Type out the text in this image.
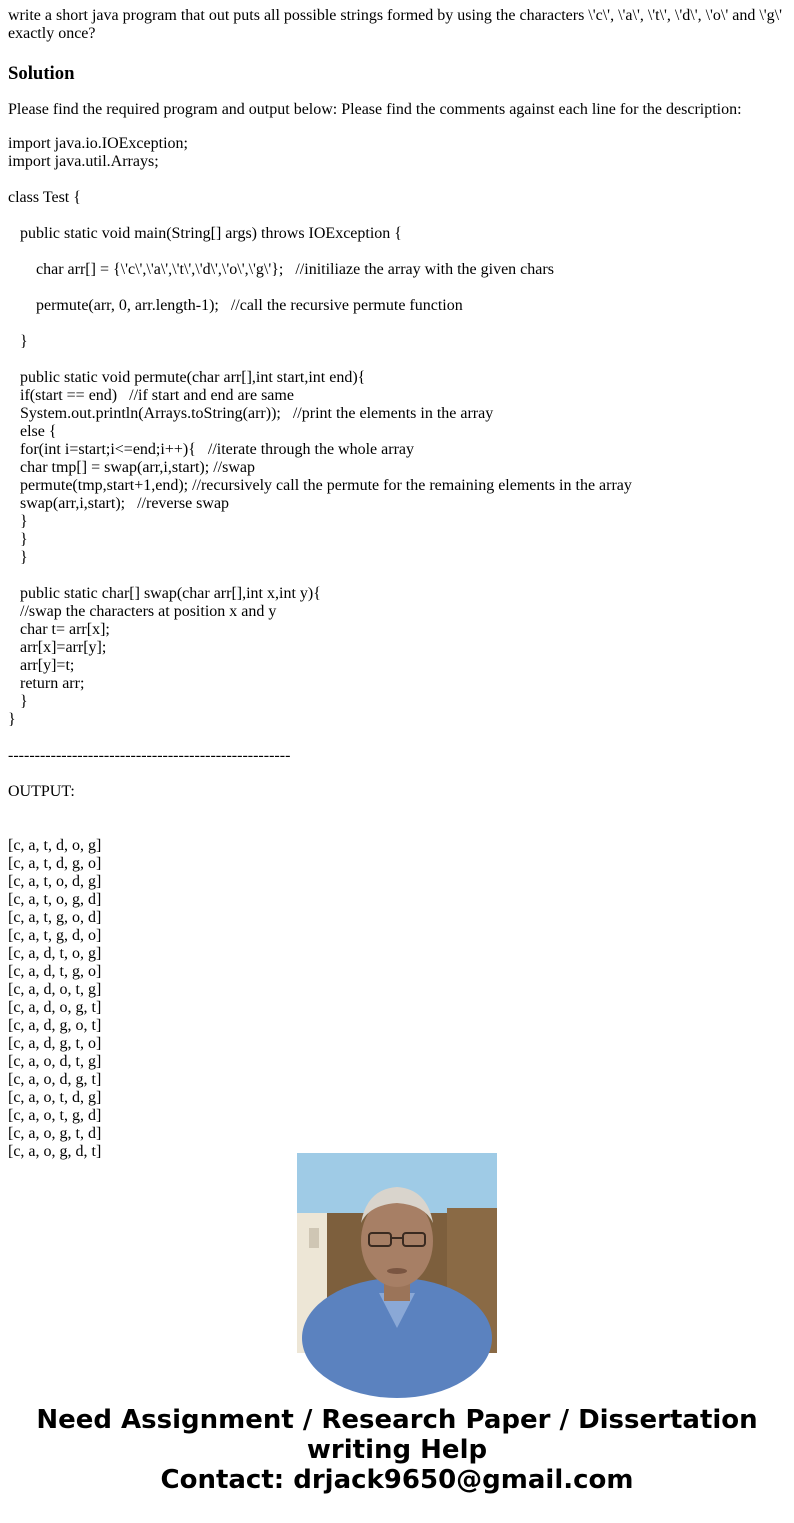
write a short java program that out puts all possible strings formed by using the characters \'c\', \'a\', \'t\', \'d\', \'o\' and \'g\' exactly once?

Solution

Please find the required program and output below: Please find the comments against each line for the description:

import java.io.IOException;
import java.util.Arrays;
class Test {
public static void main(String[] args) throws IOException {
char arr[] = {\'c\',\'a\',\'t\',\'d\',\'o\',\'g\'};   //initiliaze the array with the given chars
permute(arr, 0, arr.length-1);   //call the recursive permute function
}
public static void permute(char arr[],int start,int end){
if(start == end)   //if start and end are same
System.out.println(Arrays.toString(arr));   //print the elements in the array
else {
for(int i=start;i<=end;i++){   //iterate through the whole array
char tmp[] = swap(arr,i,start); //swap
permute(tmp,start+1,end); //recursively call the permute for the remaining elements in the array
swap(arr,i,start);   //reverse swap
}
}
}
public static char[] swap(char arr[],int x,int y){
//swap the characters at position x and y
char t= arr[x];
arr[x]=arr[y];
arr[y]=t;
return arr;
}
}
-----------------------------------------------------
OUTPUT:
[c, a, t, d, o, g]
[c, a, t, d, g, o]
[c, a, t, o, d, g]
[c, a, t, o, g, d]
[c, a, t, g, o, d]
[c, a, t, g, d, o]
[c, a, d, t, o, g]
[c, a, d, t, g, o]
[c, a, d, o, t, g]
[c, a, d, o, g, t]
[c, a, d, g, o, t]
[c, a, d, g, t, o]
[c, a, o, d, t, g]
[c, a, o, d, g, t]
[c, a, o, t, d, g]
[c, a, o, t, g, d]
[c, a, o, g, t, d]
[c, a, o, g, d, t]
Need Assignment / Research Paper / Dissertation
writing Help
Contact: drjack9650@gmail.com
